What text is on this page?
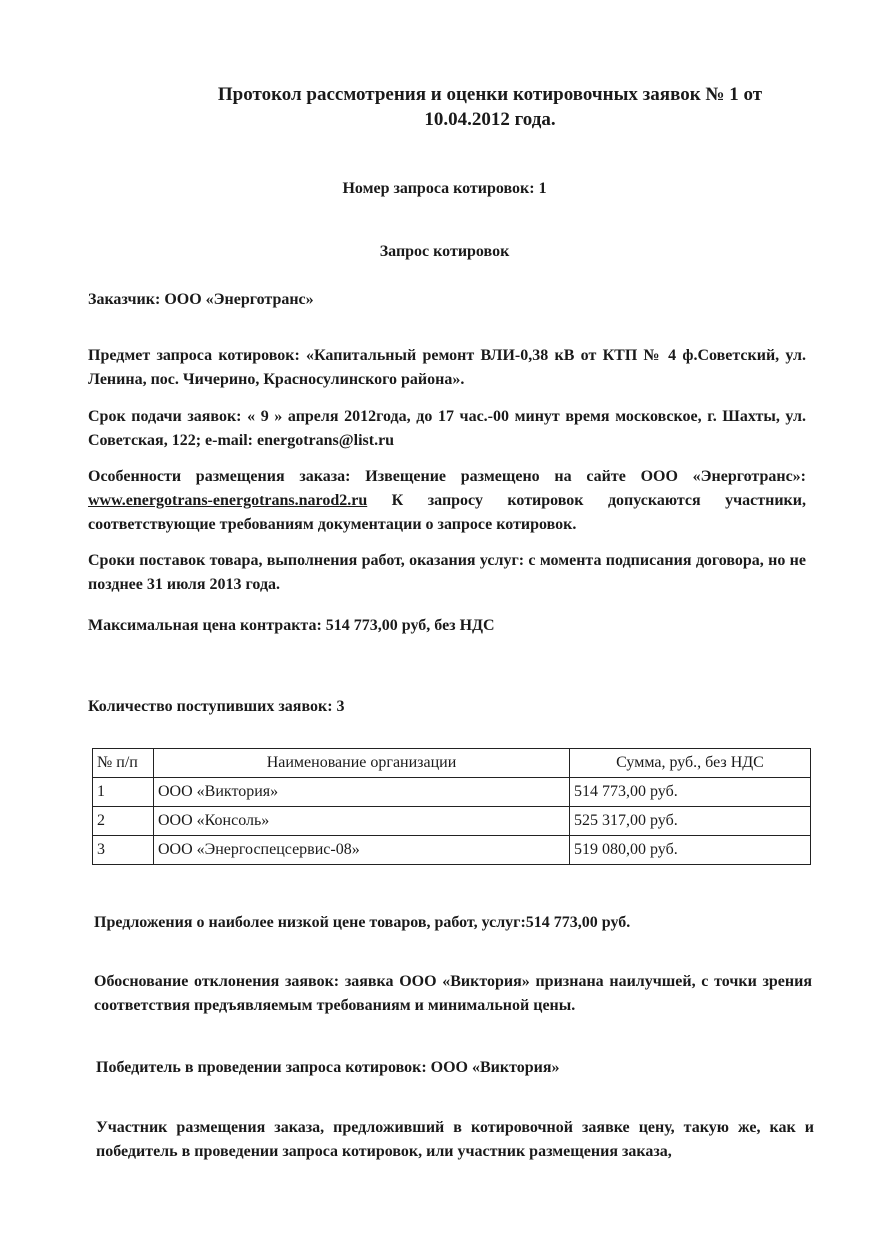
Протокол рассмотрения и оценки котировочных заявок № 1 от
10.04.2012 года.
Номер запроса котировок: 1
Запрос котировок
Заказчик: ООО «Энерготранс»
Предмет запроса котировок: «Капитальный ремонт ВЛИ-0,38 кВ от КТП № 4 ф.Советский, ул. Ленина, пос. Чичерино, Красносулинского района».
Срок подачи заявок: « 9 » апреля 2012года, до 17 час.-00 минут время московское, г. Шахты, ул. Советская, 122; e-mail: energotrans@list.ru
Особенности размещения заказа: Извещение размещено на сайте ООО «Энерготранс»: www.energotrans-energotrans.narod2.ru К запросу котировок допускаются участники, соответствующие требованиям документации о запросе котировок.
Сроки поставок товара, выполнения работ, оказания услуг: с момента подписания договора, но не позднее 31 июля 2013 года.
Максимальная цена контракта: 514 773,00 руб, без НДС
Количество поступивших заявок: 3
№ п/п	Наименование организации	Сумма, руб., без НДС
1	ООО «Виктория»	514 773,00 руб.
2	ООО «Консоль»	525 317,00 руб.
3	ООО «Энергоспецсервис-08»	519 080,00 руб.
Предложения о наиболее низкой цене товаров, работ, услуг:514 773,00 руб.
Обоснование отклонения заявок: заявка ООО «Виктория» признана наилучшей, с точки зрения соответствия предъявляемым требованиям и минимальной цены.
Победитель в проведении запроса котировок: ООО «Виктория»
Участник размещения заказа, предложивший в котировочной заявке цену, такую же, как и победитель в проведении запроса котировок, или участник размещения заказа,
